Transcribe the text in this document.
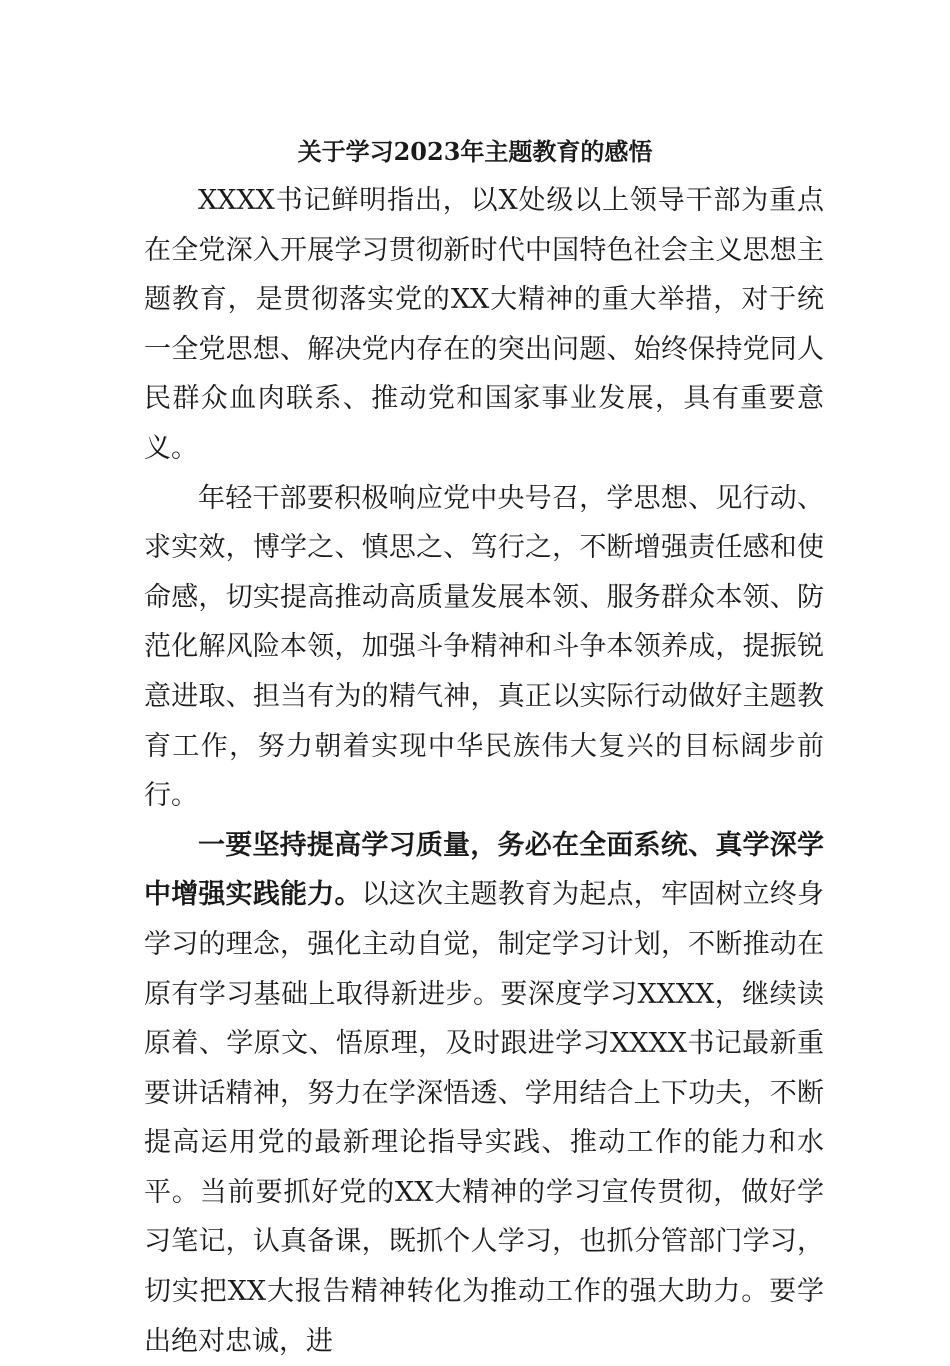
关于学习2023年主题教育的感悟

XXXX书记鲜明指出，以X处级以上领导干部为重点在全党深入开展学习贯彻新时代中国特色社会主义思想主题教育，是贯彻落实党的XX大精神的重大举措，对于统一全党思想、解决党内存在的突出问题、始终保持党同人民群众血肉联系、推动党和国家事业发展，具有重要意义。

年轻干部要积极响应党中央号召，学思想、见行动、求实效，博学之、慎思之、笃行之，不断增强责任感和使命感，切实提高推动高质量发展本领、服务群众本领、防范化解风险本领，加强斗争精神和斗争本领养成，提振锐意进取、担当有为的精气神，真正以实际行动做好主题教育工作，努力朝着实现中华民族伟大复兴的目标阔步前行。

一要坚持提高学习质量，务必在全面系统、真学深学中增强实践能力。以这次主题教育为起点，牢固树立终身学习的理念，强化主动自觉，制定学习计划，不断推动在原有学习基础上取得新进步。要深度学习XXXX，继续读原着、学原文、悟原理，及时跟进学习XXXX书记最新重要讲话精神，努力在学深悟透、学用结合上下功夫，不断提高运用党的最新理论指导实践、推动工作的能力和水平。当前要抓好党的XX大精神的学习宣传贯彻，做好学习笔记，认真备课，既抓个人学习，也抓分管部门学习，切实把XX大报告精神转化为推动工作的强大助力。要学出绝对忠诚，进
